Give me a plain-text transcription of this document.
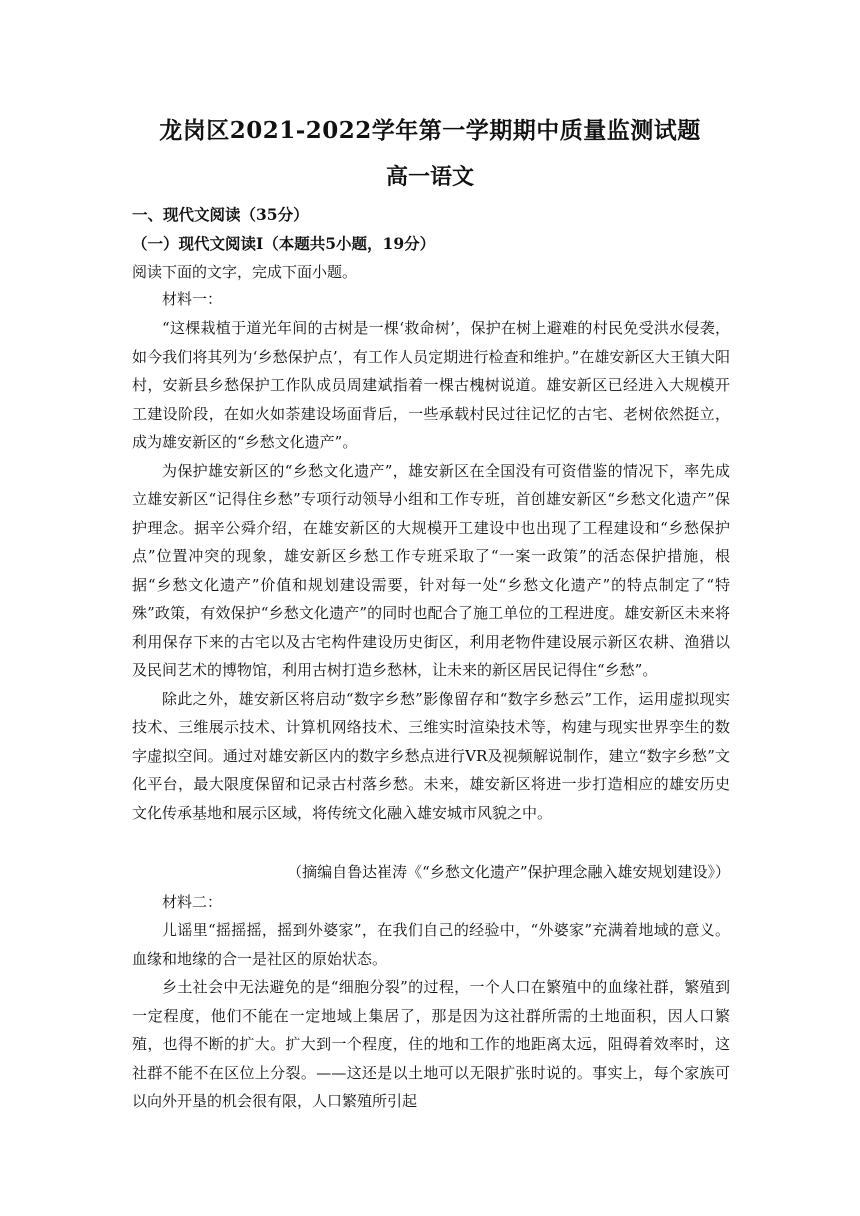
龙岗区2021-2022学年第一学期期中质量监测试题
高一语文
一、现代文阅读（35分）
（一）现代文阅读Ⅰ（本题共5小题，19分）
阅读下面的文字，完成下面小题。
材料一：

“这棵栽植于道光年间的古树是一棵‘救命树’，保护在树上避难的村民免受洪水侵袭，如今我们将其列为‘乡愁保护点’，有工作人员定期进行检查和维护。”在雄安新区大王镇大阳村，安新县乡愁保护工作队成员周建斌指着一棵古槐树说道。雄安新区已经进入大规模开工建设阶段，在如火如荼建设场面背后，一些承载村民过往记忆的古宅、老树依然挺立，成为雄安新区的“乡愁文化遗产”。

为保护雄安新区的“乡愁文化遗产”，雄安新区在全国没有可资借鉴的情况下，率先成立雄安新区“记得住乡愁”专项行动领导小组和工作专班，首创雄安新区“乡愁文化遗产”保护理念。据辛公舜介绍，在雄安新区的大规模开工建设中也出现了工程建设和“乡愁保护点”位置冲突的现象，雄安新区乡愁工作专班采取了“一案一政策”的活态保护措施，根据“乡愁文化遗产”价值和规划建设需要，针对每一处“乡愁文化遗产”的特点制定了“特殊”政策，有效保护“乡愁文化遗产”的同时也配合了施工单位的工程进度。雄安新区未来将利用保存下来的古宅以及古宅构件建设历史街区，利用老物件建设展示新区农耕、渔猎以及民间艺术的博物馆，利用古树打造乡愁林，让未来的新区居民记得住“乡愁”。

除此之外，雄安新区将启动“数字乡愁”影像留存和“数字乡愁云”工作，运用虚拟现实技术、三维展示技术、计算机网络技术、三维实时渲染技术等，构建与现实世界孪生的数字虚拟空间。通过对雄安新区内的数字乡愁点进行VR及视频解说制作，建立“数字乡愁”文化平台，最大限度保留和记录古村落乡愁。未来，雄安新区将进一步打造相应的雄安历史文化传承基地和展示区域，将传统文化融入雄安城市风貌之中。

（摘编自鲁达崔涛《“乡愁文化遗产”保护理念融入雄安规划建设》）
材料二：

儿谣里“摇摇摇，摇到外婆家”，在我们自己的经验中，“外婆家”充满着地域的意义。血缘和地缘的合一是社区的原始状态。

乡土社会中无法避免的是“细胞分裂”的过程，一个人口在繁殖中的血缘社群，繁殖到一定程度，他们不能在一定地域上集居了，那是因为这社群所需的土地面积，因人口繁殖，也得不断的扩大。扩大到一个程度，住的地和工作的地距离太远，阻碍着效率时，这社群不能不在区位上分裂。——这还是以土地可以无限扩张时说的。事实上，每个家族可以向外开垦的机会很有限，人口繁殖所引起
